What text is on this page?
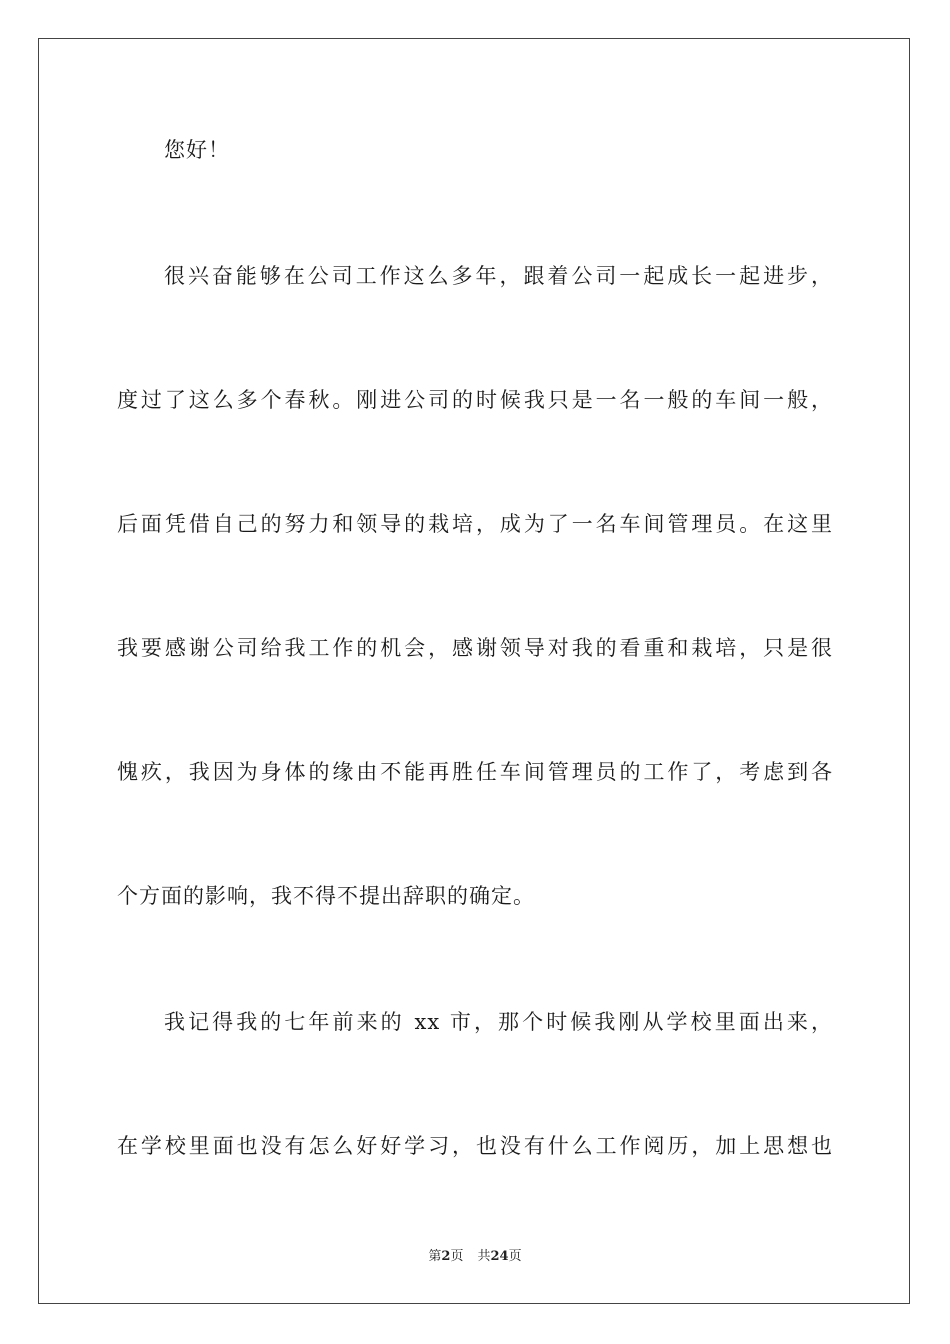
您好！
很兴奋能够在公司工作这么多年，跟着公司一起成长一起进步，
度过了这么多个春秋。刚进公司的时候我只是一名一般的车间一般，
后面凭借自己的努力和领导的栽培，成为了一名车间管理员。在这里
我要感谢公司给我工作的机会，感谢领导对我的看重和栽培，只是很
愧疚，我因为身体的缘由不能再胜任车间管理员的工作了，考虑到各
个方面的影响，我不得不提出辞职的确定。
我记得我的七年前来的 xx 市，那个时候我刚从学校里面出来，
在学校里面也没有怎么好好学习，也没有什么工作阅历，加上思想也
第2页 共24页
